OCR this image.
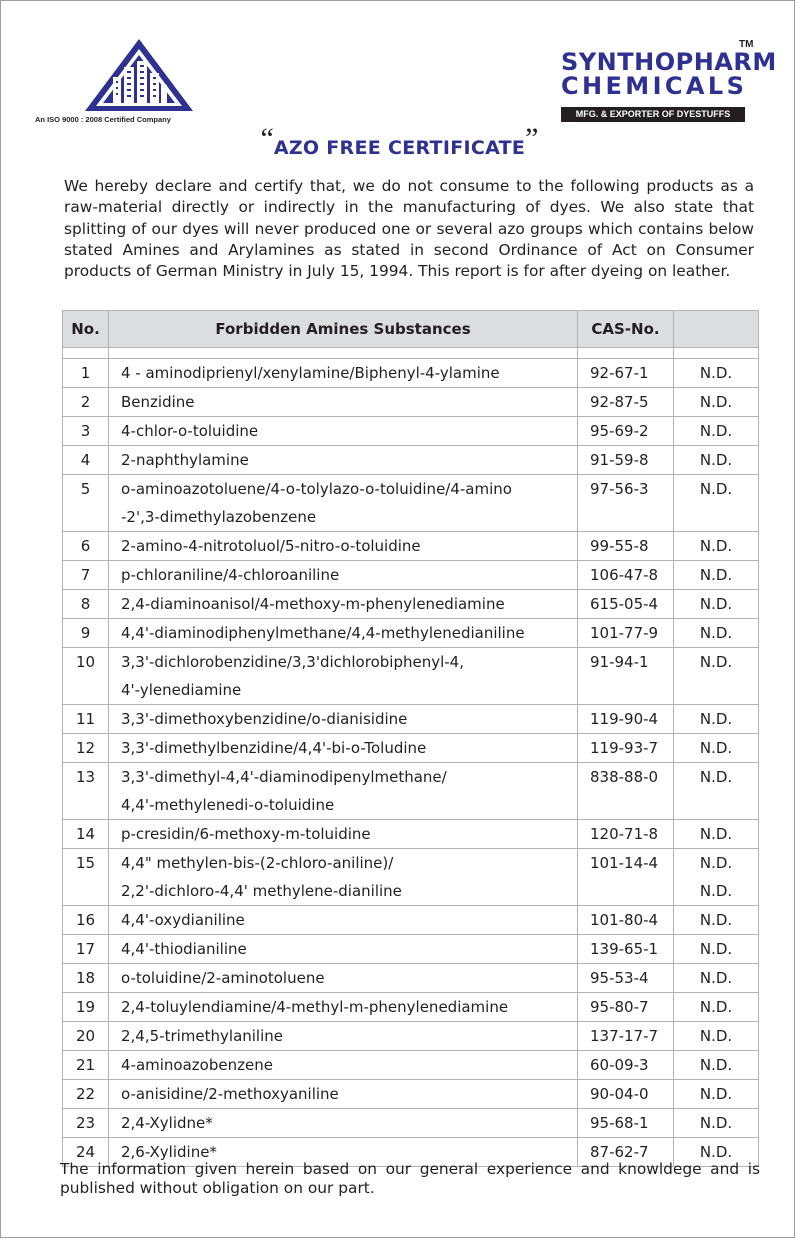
An ISO 9000 : 2008 Certified Company
TM
SYNTHOPHARM
CHEMICALS
MFG. & EXPORTER OF DYESTUFFS
“AZO FREE CERTIFICATE”
We hereby declare and certify that, we do not consume to the following products as a raw-material directly or indirectly in the manufacturing of dyes. We also state that splitting of our dyes will never produced one or several azo groups which contains below stated Amines and Arylamines as stated in second Ordinance of Act on Consumer products of German Ministry in July 15, 1994. This report is for after dyeing on leather.
No.	Forbidden Amines Substances	CAS-No.	

1	4 - aminodiprienyl/xenylamine/Biphenyl-4-ylamine	92-67-1	N.D.

2	Benzidine	92-87-5	N.D.

3	4-chlor-o-toluidine	95-69-2	N.D.

4	2-naphthylamine	91-59-8	N.D.

5	o-aminoazotoluene/4-o-tolylazo-o-toluidine/4-amino
-2',3-dimethylazobenzene	97-56-3	N.D.

6	2-amino-4-nitrotoluol/5-nitro-o-toluidine	99-55-8	N.D.

7	p-chloraniline/4-chloroaniline	106-47-8	N.D.

8	2,4-diaminoanisol/4-methoxy-m-phenylenediamine	615-05-4	N.D.

9	4,4'-diaminodiphenylmethane/4,4-methylenedianiline	101-77-9	N.D.

10	3,3'-dichlorobenzidine/3,3'dichlorobiphenyl-4,
4'-ylenediamine	91-94-1	N.D.

11	3,3'-dimethoxybenzidine/o-dianisidine	119-90-4	N.D.

12	3,3'-dimethylbenzidine/4,4'-bi-o-Toludine	119-93-7	N.D.

13	3,3'-dimethyl-4,4'-diaminodipenylmethane/
4,4'-methylenedi-o-toluidine	838-88-0	N.D.

14	p-cresidin/6-methoxy-m-toluidine	120-71-8	N.D.

15	4,4" methylen-bis-(2-chloro-aniline)/
2,2'-dichloro-4,4' methylene-dianiline	101-14-4	N.D.
N.D.

16	4,4'-oxydianiline	101-80-4	N.D.

17	4,4'-thiodianiline	139-65-1	N.D.

18	o-toluidine/2-aminotoluene	95-53-4	N.D.

19	2,4-toluylendiamine/4-methyl-m-phenylenediamine	95-80-7	N.D.

20	2,4,5-trimethylaniline	137-17-7	N.D.

21	4-aminoazobenzene	60-09-3	N.D.

22	o-anisidine/2-methoxyaniline	90-04-0	N.D.

23	2,4-Xylidne*	95-68-1	N.D.

24	2,6-Xylidine*	87-62-7	N.D.
The information given herein based on our general experience and knowldege and is published without obligation on our part.
